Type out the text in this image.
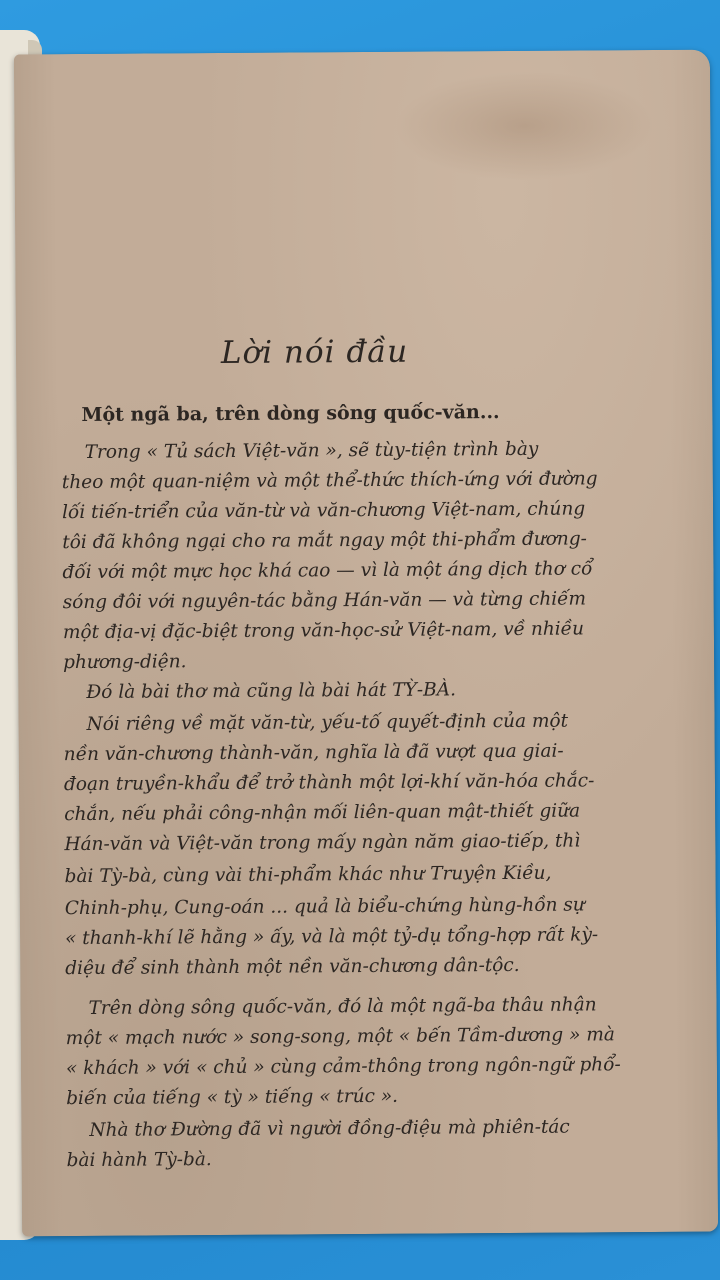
Lời nói đầu
Một ngã ba, trên dòng sông quốc-văn...
Trong « Tủ sách Việt-văn », sẽ tùy-tiện trình bày
theo một quan-niệm và một thể-thức thích-ứng với đường
lối tiến-triển của văn-từ và văn-chương Việt-nam, chúng
tôi đã không ngại cho ra mắt ngay một thi-phẩm đương-
đối với một mực học khá cao — vì là một áng dịch thơ cổ
sóng đôi với nguyên-tác bằng Hán-văn — và từng chiếm
một địa-vị đặc-biệt trong văn-học-sử Việt-nam, về nhiều
phương-diện.
Đó là bài thơ mà cũng là bài hát TỲ-BÀ.
Nói riêng về mặt văn-từ, yếu-tố quyết-định của một
nền văn-chương thành-văn, nghĩa là đã vượt qua giai-
đoạn truyền-khẩu để trở thành một lợi-khí văn-hóa chắc-
chắn, nếu phải công-nhận mối liên-quan mật-thiết giữa
Hán-văn và Việt-văn trong mấy ngàn năm giao-tiếp, thì
bài Tỳ-bà, cùng vài thi-phẩm khác như Truyện Kiều,
Chinh-phụ, Cung-oán ... quả là biểu-chứng hùng-hồn sự
« thanh-khí lẽ hằng » ấy, và là một tỷ-dụ tổng-hợp rất kỳ-
diệu để sinh thành một nền văn-chương dân-tộc.
Trên dòng sông quốc-văn, đó là một ngã-ba thâu nhận
một « mạch nước » song-song, một « bến Tầm-dương » mà
« khách » với « chủ » cùng cảm-thông trong ngôn-ngữ phổ-
biến của tiếng « tỳ » tiếng « trúc ».
Nhà thơ Đường đã vì người đồng-điệu mà phiên-tác
bài hành Tỳ-bà.
